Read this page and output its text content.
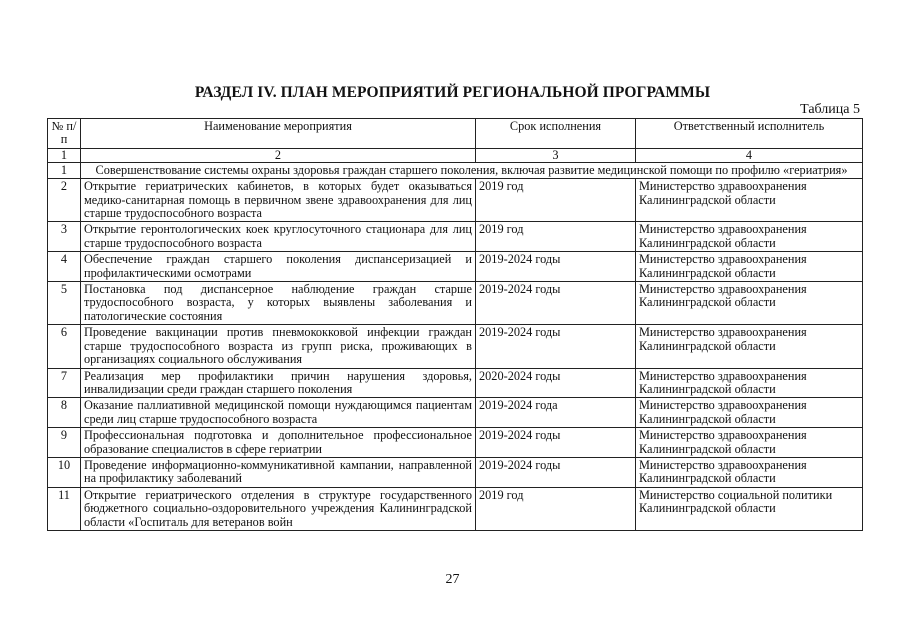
РАЗДЕЛ IV. ПЛАН МЕРОПРИЯТИЙ РЕГИОНАЛЬНОЙ ПРОГРАММЫ
Таблица 5
№ п/п	Наименование мероприятия	Срок исполнения	Ответственный исполнитель
1	2	3	4
1	Совершенствование системы охраны здоровья граждан старшего поколения, включая развитие медицинской помощи по профилю «гериатрия»		
2	Открытие гериатрических кабинетов, в которых будет оказываться медико-санитарная помощь в первичном звене здравоохранения для лиц старше трудоспособного возраста	2019 год	Министерство здравоохранения Калининградской области
3	Открытие геронтологических коек круглосуточного стационара для лиц старше трудоспособного возраста	2019 год	Министерство здравоохранения Калининградской области
4	Обеспечение граждан старшего поколения диспансеризацией и профилактическими осмотрами	2019-2024 годы	Министерство здравоохранения Калининградской области
5	Постановка под диспансерное наблюдение граждан старше трудоспособного возраста, у которых выявлены заболевания и патологические состояния	2019-2024 годы	Министерство здравоохранения Калининградской области
6	Проведение вакцинации против пневмококковой инфекции граждан старше трудоспособного возраста из групп риска, проживающих в организациях социального обслуживания	2019-2024 годы	Министерство здравоохранения Калининградской области
7	Реализация мер профилактики причин нарушения здоровья, инвалидизации среди граждан старшего поколения	2020-2024 годы	Министерство здравоохранения Калининградской области
8	Оказание паллиативной медицинской помощи нуждающимся пациентам среди лиц старше трудоспособного возраста	2019-2024 года	Министерство здравоохранения Калининградской области
9	Профессиональная подготовка и дополнительное профессиональное образование специалистов в сфере гериатрии	2019-2024 годы	Министерство здравоохранения Калининградской области
10	Проведение информационно-коммуникативной кампании, направленной на профилактику заболеваний	2019-2024 годы	Министерство здравоохранения Калининградской области
11	Открытие гериатрического отделения в структуре государственного бюджетного социально-оздоровительного учреждения Калининградской области «Госпиталь для ветеранов войн	2019 год	Министерство социальной политики Калининградской области
27
